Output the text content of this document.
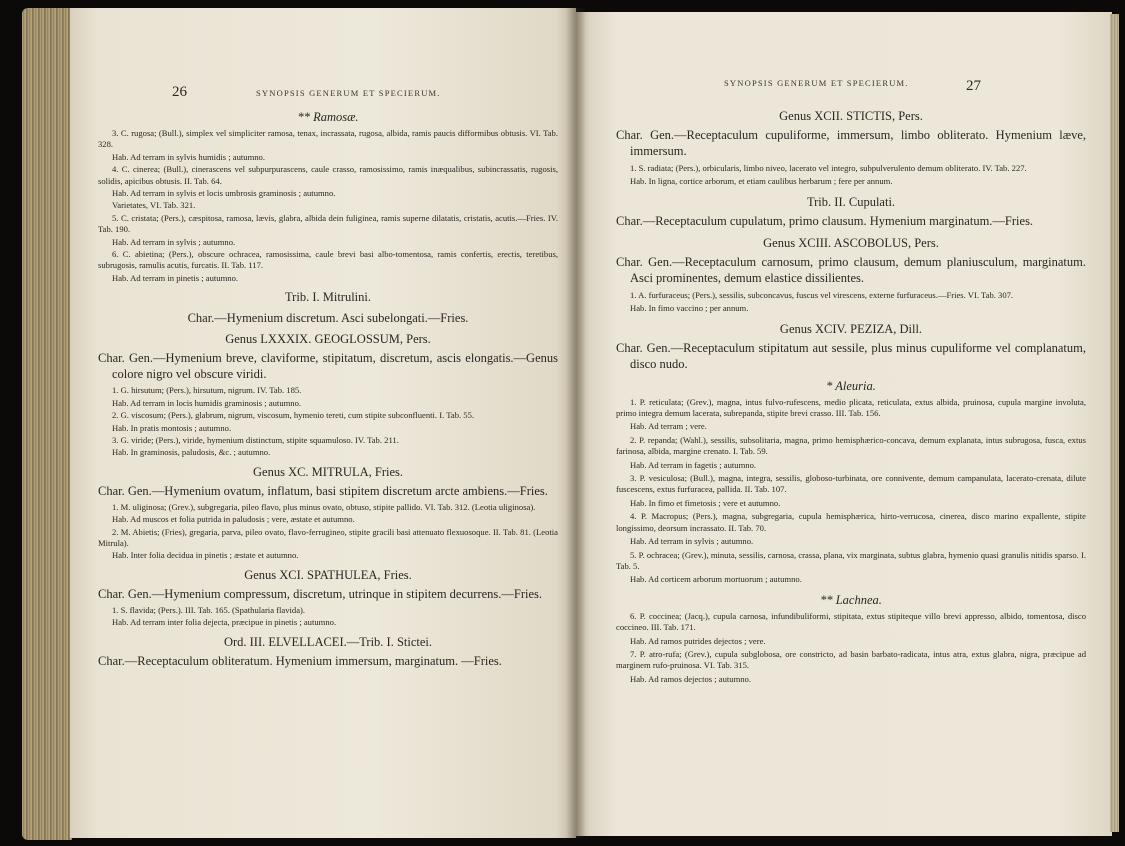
26	SYNOPSIS GENERUM ET SPECIERUM.

** Ramosæ.

3. C. rugosa; (Bull.), simplex vel simpliciter ramosa, tenax, incrassata, rugosa, albida, ramis paucis difformibus obtusis. VI. Tab. 328.

Hab. Ad terram in sylvis humidis ; autumno.

4. C. cinerea; (Bull.), cinerascens vel subpurpurascens, caule crasso, ramosissimo, ramis inæqualibus, subincrassatis, rugosis, solidis, apicibus obtusis. II. Tab. 64.

Hab. Ad terram in sylvis et locis umbrosis graminosis ; autumno.

Varietates, VI. Tab. 321.

5. C. cristata; (Pers.), cæspitosa, ramosa, lævis, glabra, albida dein fuliginea, ramis superne dilatatis, cristatis, acutis.—Fries. IV. Tab. 190.

Hab. Ad terram in sylvis ; autumno.

6. C. abietina; (Pers.), obscure ochracea, ramosissima, caule brevi basi albo-tomentosa, ramis confertis, erectis, teretibus, subrugosis, ramulis acutis, furcatis. II. Tab. 117.

Hab. Ad terram in pinetis ; autumno.

Trib. I. Mitrulini.

Char.—Hymenium discretum. Asci subelongati.—Fries.

Genus LXXXIX. GEOGLOSSUM, Pers.

Char. Gen.—Hymenium breve, claviforme, stipitatum, discretum, ascis elongatis.—Genus colore nigro vel obscure viridi.

1. G. hirsutum; (Pers.), hirsutum, nigrum. IV. Tab. 185.

Hab. Ad terram in locis humidis graminosis ; autumno.

2. G. viscosum; (Pers.), glabrum, nigrum, viscosum, hymenio tereti, cum stipite subconfluenti. I. Tab. 55.

Hab. In pratis montosis ; autumno.

3. G. viride; (Pers.), viride, hymenium distinctum, stipite squamuloso. IV. Tab. 211.

Hab. In graminosis, paludosis, &c. ; autumno.

Genus XC. MITRULA, Fries.

Char. Gen.—Hymenium ovatum, inflatum, basi stipitem discretum arcte ambiens.—Fries.

1. M. uliginosa; (Grev.), subgregaria, pileo flavo, plus minus ovato, obtuso, stipite pallido. VI. Tab. 312. (Leotia uliginosa).

Hab. Ad muscos et folia putrida in paludosis ; vere, æstate et autumno.

2. M. Abietis; (Fries), gregaria, parva, pileo ovato, flavo-ferrugineo, stipite gracili basi attenuato flexuosoque. II. Tab. 81. (Leotia Mitrula).

Hab. Inter folia decidua in pinetis ; æstate et autumno.

Genus XCI. SPATHULEA, Fries.

Char. Gen.—Hymenium compressum, discretum, utrinque in stipitem decurrens.—Fries.

1. S. flavida; (Pers.). III. Tab. 165. (Spathularia flavida).

Hab. Ad terram inter folia dejecta, præcipue in pinetis ; autumno.

Ord. III. ELVELLACEI.—Trib. I. Stictei.

Char.—Receptaculum obliteratum. Hymenium immersum, marginatum. —Fries.

SYNOPSIS GENERUM ET SPECIERUM.	27

Genus XCII. STICTIS, Pers.

Char. Gen.—Receptaculum cupuliforme, immersum, limbo obliterato. Hymenium læve, immersum.

1. S. radiata; (Pers.), orbicularis, limbo niveo, lacerato vel integro, subpulverulento demum obliterato. IV. Tab. 227.

Hab. In ligna, cortice arborum, et etiam caulibus herbarum ; fere per annum.

Trib. II. Cupulati.

Char.—Receptaculum cupulatum, primo clausum. Hymenium marginatum.—Fries.

Genus XCIII. ASCOBOLUS, Pers.

Char. Gen.—Receptaculum carnosum, primo clausum, demum planiusculum, marginatum. Asci prominentes, demum elastice dissilientes.

1. A. furfuraceus; (Pers.), sessilis, subconcavus, fuscus vel virescens, externe furfuraceus.—Fries. VI. Tab. 307.

Hab. In fimo vaccino ; per annum.

Genus XCIV. PEZIZA, Dill.

Char. Gen.—Receptaculum stipitatum aut sessile, plus minus cupuliforme vel complanatum, disco nudo.

* Aleuria.

1. P. reticulata; (Grev.), magna, intus fulvo-rufescens, medio plicata, reticulata, extus albida, pruinosa, cupula margine involuta, primo integra demum lacerata, subrepanda, stipite brevi crasso. III. Tab. 156.

Hab. Ad terram ; vere.

2. P. repanda; (Wahl.), sessilis, subsolitaria, magna, primo hemisphærico-concava, demum explanata, intus subrugosa, fusca, extus farinosa, albida, margine crenato. I. Tab. 59.

Hab. Ad terram in fagetis ; autumno.

3. P. vesiculosa; (Bull.), magna, integra, sessilis, globoso-turbinata, ore connivente, demum campanulata, lacerato-crenata, dilute fuscescens, extus furfuracea, pallida. II. Tab. 107.

Hab. In fimo et fimetosis ; vere et autumno.

4. P. Macropus; (Pers.), magna, subgregaria, cupula hemisphærica, hirto-verrucosa, cinerea, disco marino expallente, stipite longissimo, deorsum incrassato. II. Tab. 70.

Hab. Ad terram in sylvis ; autumno.

5. P. ochracea; (Grev.), minuta, sessilis, carnosa, crassa, plana, vix marginata, subtus glabra, hymenio quasi granulis nitidis sparso. I. Tab. 5.

Hab. Ad corticem arborum mortuorum ; autumno.

** Lachnea.

6. P. coccinea; (Jacq.), cupula carnosa, infundibuliformi, stipitata, extus stipiteque villo brevi appresso, albido, tomentosa, disco coccineo. III. Tab. 171.

Hab. Ad ramos putrides dejectos ; vere.

7. P. atro-rufa; (Grev.), cupula subglobosa, ore constricto, ad basin barbato-radicata, intus atra, extus glabra, nigra, præcipue ad marginem rufo-pruinosa. VI. Tab. 315.

Hab. Ad ramos dejectos ; autumno.
